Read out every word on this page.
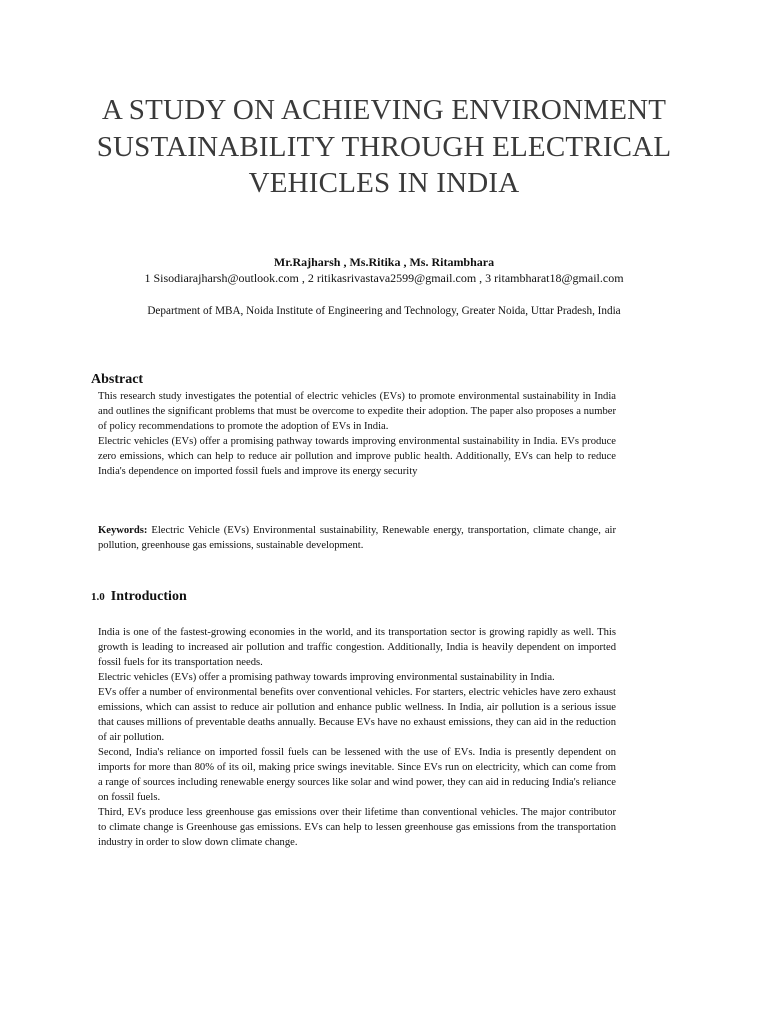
A STUDY ON ACHIEVING ENVIRONMENT SUSTAINABILITY THROUGH ELECTRICAL VEHICLES IN INDIA

Mr.Rajharsh , Ms.Ritika , Ms. Ritambhara

1 Sisodiarajharsh@outlook.com , 2 ritikasrivastava2599@gmail.com , 3 ritambharat18@gmail.com

Department of MBA, Noida Institute of Engineering and Technology, Greater Noida, Uttar Pradesh, India

Abstract

This research study investigates the potential of electric vehicles (EVs) to promote environmental sustainability in India and outlines the significant problems that must be overcome to expedite their adoption. The paper also proposes a number of policy recommendations to promote the adoption of EVs in India.

Electric vehicles (EVs) offer a promising pathway towards improving environmental sustainability in India. EVs produce zero emissions, which can help to reduce air pollution and improve public health. Additionally, EVs can help to reduce India's dependence on imported fossil fuels and improve its energy security

Keywords: Electric Vehicle (EVs) Environmental sustainability, Renewable energy, transportation, climate change, air pollution, greenhouse gas emissions, sustainable development.

1.0 Introduction

India is one of the fastest-growing economies in the world, and its transportation sector is growing rapidly as well. This growth is leading to increased air pollution and traffic congestion. Additionally, India is heavily dependent on imported fossil fuels for its transportation needs.

Electric vehicles (EVs) offer a promising pathway towards improving environmental sustainability in India.

EVs offer a number of environmental benefits over conventional vehicles. For starters, electric vehicles have zero exhaust emissions, which can assist to reduce air pollution and enhance public wellness. In India, air pollution is a serious issue that causes millions of preventable deaths annually. Because EVs have no exhaust emissions, they can aid in the reduction of air pollution.

Second, India's reliance on imported fossil fuels can be lessened with the use of EVs. India is presently dependent on imports for more than 80% of its oil, making price swings inevitable. Since EVs run on electricity, which can come from a range of sources including renewable energy sources like solar and wind power, they can aid in reducing India's reliance on fossil fuels.

Third, EVs produce less greenhouse gas emissions over their lifetime than conventional vehicles. The major contributor to climate change is Greenhouse gas emissions. EVs can help to lessen greenhouse gas emissions from the transportation industry in order to slow down climate change.
